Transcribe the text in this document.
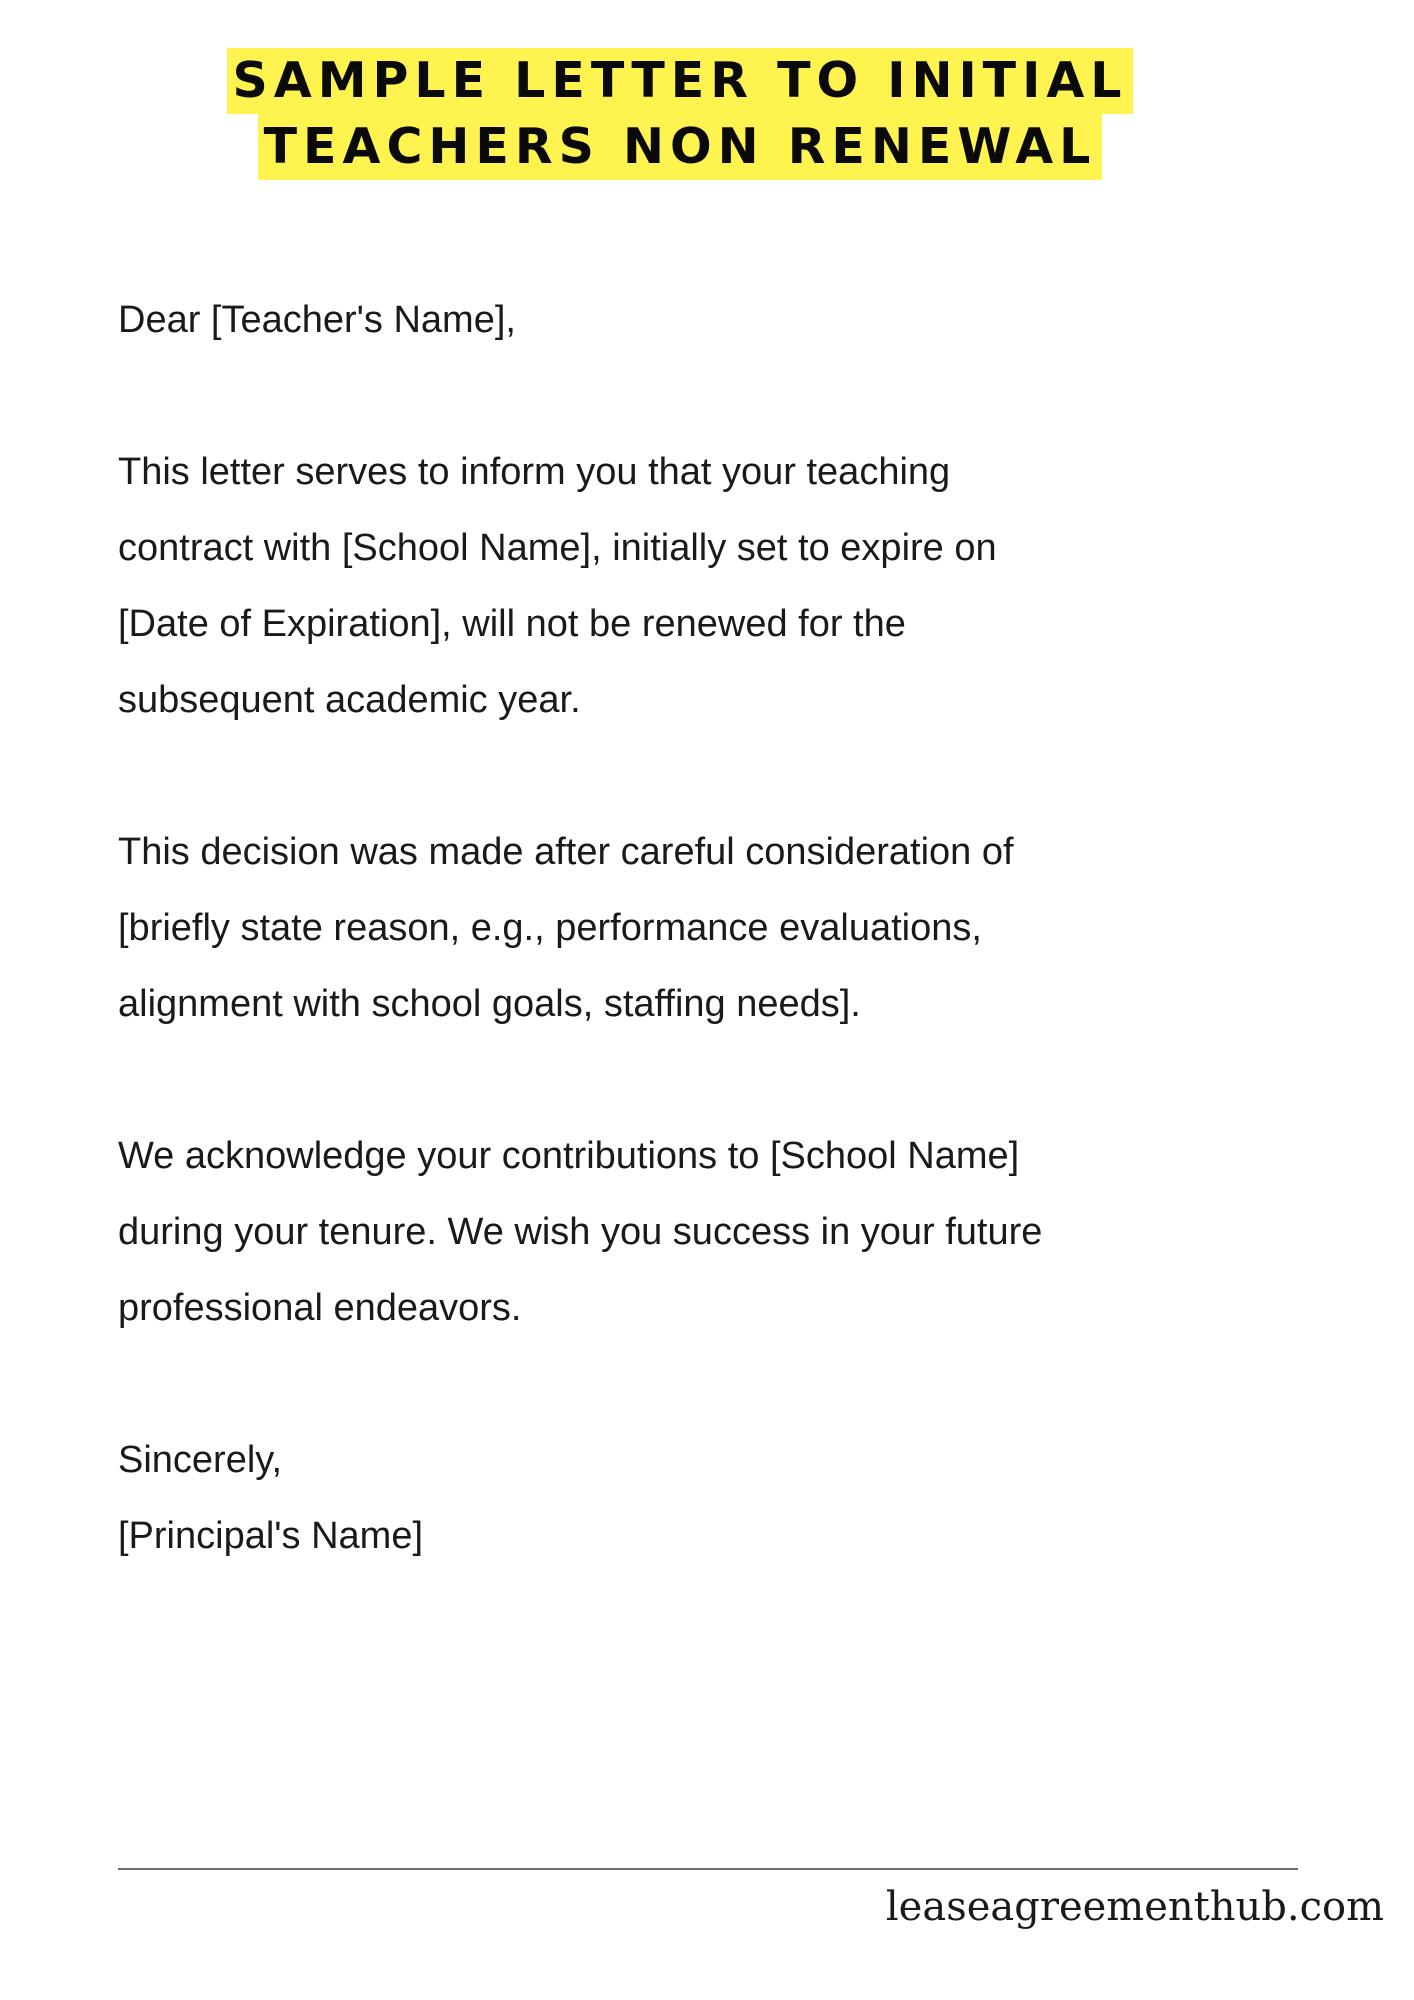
SAMPLE LETTER TO INITIAL
TEACHERS NON RENEWAL

Dear [Teacher's Name],

This letter serves to inform you that your teaching

contract with [School Name], initially set to expire on

[Date of Expiration], will not be renewed for the

subsequent academic year.

This decision was made after careful consideration of

[briefly state reason, e.g., performance evaluations,

alignment with school goals, staffing needs].

We acknowledge your contributions to [School Name]

during your tenure. We wish you success in your future

professional endeavors.

Sincerely,

[Principal's Name]

leaseagreementhub.com
